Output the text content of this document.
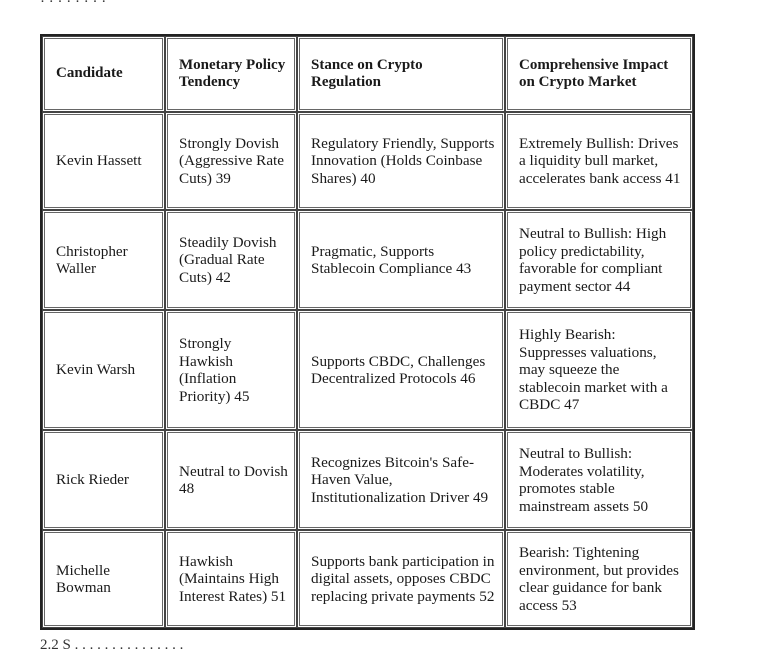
· · · · · · · ·
Candidate	Monetary Policy Tendency	Stance on Crypto Regulation	Comprehensive Impact on Crypto Market
Kevin Hassett	Strongly Dovish (Aggressive Rate Cuts) 39	Regulatory Friendly, Supports Innovation (Holds Coinbase Shares) 40	Extremely Bullish: Drives a liquidity bull market, accelerates bank access 41
Christopher Waller	Steadily Dovish (Gradual Rate Cuts) 42	Pragmatic, Supports Stablecoin Compliance 43	Neutral to Bullish: High policy predictability, favorable for compliant payment sector 44
Kevin Warsh	Strongly Hawkish (Inflation Priority) 45	Supports CBDC, Challenges Decentralized Protocols 46	Highly Bearish: Suppresses valuations, may squeeze the stablecoin market with a CBDC 47
Rick Rieder	Neutral to Dovish 48	Recognizes Bitcoin's Safe-Haven Value, Institutionalization Driver 49	Neutral to Bullish: Moderates volatility, promotes stable mainstream assets 50
Michelle Bowman	Hawkish (Maintains High Interest Rates) 51	Supports bank participation in digital assets, opposes CBDC replacing private payments 52	Bearish: Tightening environment, but provides clear guidance for bank access 53
2.2 S . . . . . . . . . . . . . . .
